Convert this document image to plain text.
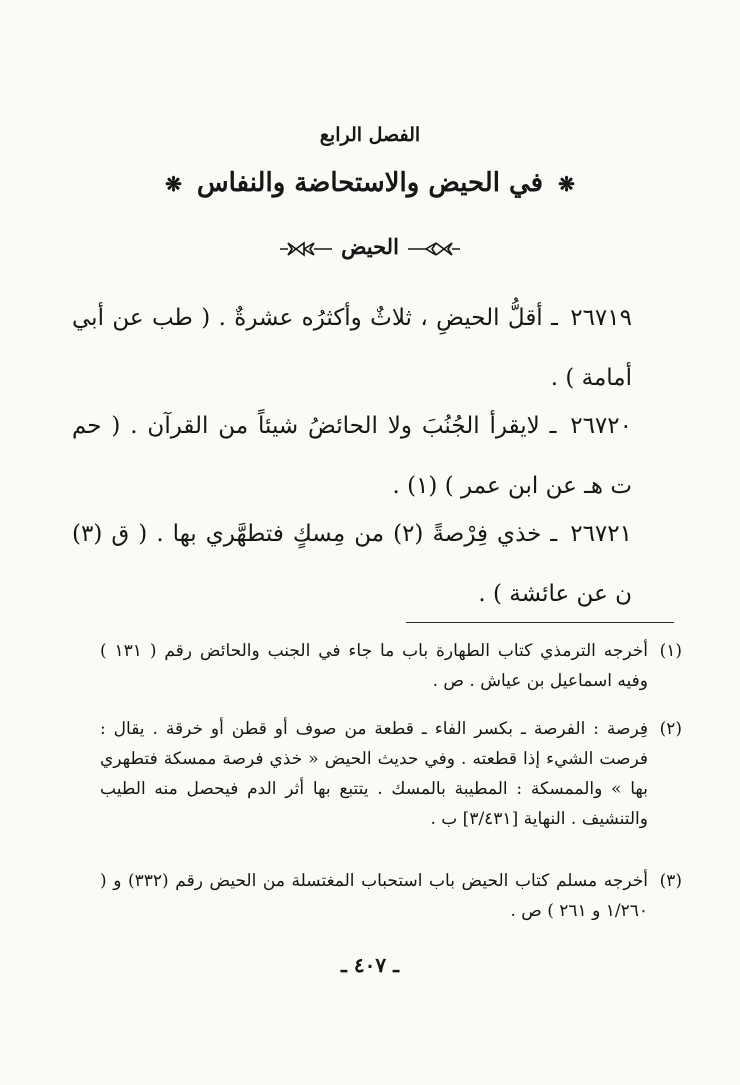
الفصل الرابع
❋ في الحيض والاستحاضة والنفاس ❋
الحيض
٢٦٧١٩ ـ أقلُّ الحيضِ ، ثلاثٌ وأكثرُه عشرةٌ . ( طب عن أبي أمامة ) .
٢٦٧٢٠ ـ لايقرأ الجُنُبَ ولا الحائضُ شيئاً من القرآن . ( حم ت هـ عن ابن عمر ) (١) .
٢٦٧٢١ ـ خذي فِرْصةً (٢) من مِسكٍ فتطهَّري بها . ( ق (٣) ن عن عائشة ) .
(١)
أخرجه الترمذي كتاب الطهارة باب ما جاء في الجنب والحائض رقم ( ١٣١ ) وفيه اسماعيل بن عياش . ص .
(٢)
فِرصة : الفرصة ـ بكسر الفاء ـ قطعة من صوف أو قطن أو خرقة . يقال : فرصت الشيء إذا قطعته . وفي حديث الحيض « خذي فرصة ممسكة فتطهري بها » والممسكة : المطيبة بالمسك . يتتبع بها أثر الدم فيحصل منه الطيب والتنشيف . النهاية [٣/٤٣١] ب .
(٣)
أخرجه مسلم كتاب الحيض باب استحباب المغتسلة من الحيض رقم (٣٣٢) و ( ١/٢٦٠ و ٢٦١ ) ص .
ـ ٤٠٧ ـ
